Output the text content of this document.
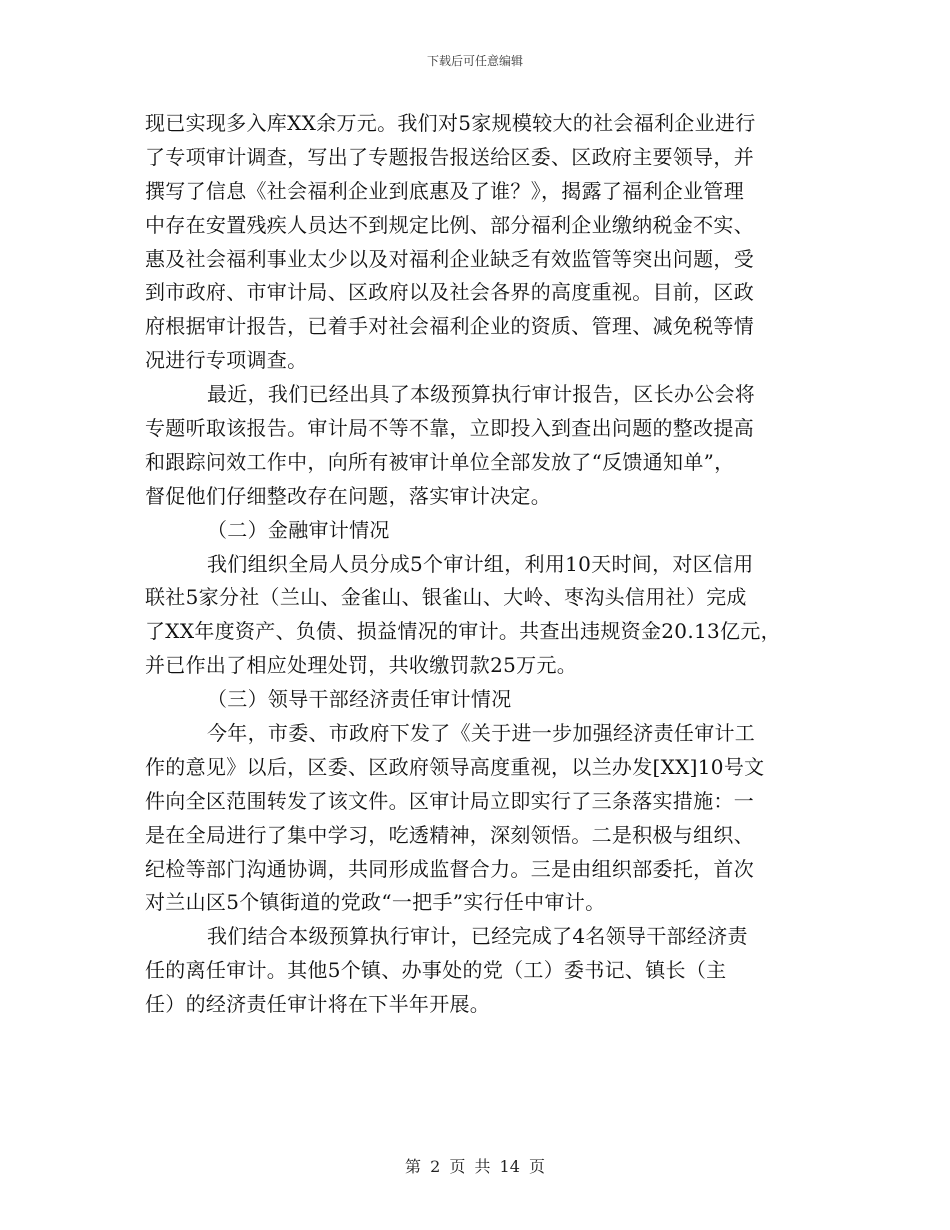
下载后可任意编辑
现已实现多入库XX余万元。我们对5家规模较大的社会福利企业进行
了专项审计调查，写出了专题报告报送给区委、区政府主要领导，并
撰写了信息《社会福利企业到底惠及了谁？》，揭露了福利企业管理
中存在安置残疾人员达不到规定比例、部分福利企业缴纳税金不实、
惠及社会福利事业太少以及对福利企业缺乏有效监管等突出问题，受
到市政府、市审计局、区政府以及社会各界的高度重视。目前，区政
府根据审计报告，已着手对社会福利企业的资质、管理、减免税等情
况进行专项调查。
最近，我们已经出具了本级预算执行审计报告，区长办公会将
专题听取该报告。审计局不等不靠，立即投入到查出问题的整改提高
和跟踪问效工作中，向所有被审计单位全部发放了“反馈通知单”，
督促他们仔细整改存在问题，落实审计决定。
（二）金融审计情况
我们组织全局人员分成5个审计组，利用10天时间，对区信用
联社5家分社（兰山、金雀山、银雀山、大岭、枣沟头信用社）完成
了XX年度资产、负债、损益情况的审计。共查出违规资金20.13亿元，
并已作出了相应处理处罚，共收缴罚款25万元。
（三）领导干部经济责任审计情况
今年，市委、市政府下发了《关于进一步加强经济责任审计工
作的意见》以后，区委、区政府领导高度重视，以兰办发[XX]10号文
件向全区范围转发了该文件。区审计局立即实行了三条落实措施：一
是在全局进行了集中学习，吃透精神，深刻领悟。二是积极与组织、
纪检等部门沟通协调，共同形成监督合力。三是由组织部委托，首次
对兰山区5个镇街道的党政“一把手”实行任中审计。
我们结合本级预算执行审计，已经完成了4名领导干部经济责
任的离任审计。其他5个镇、办事处的党（工）委书记、镇长（主
任）的经济责任审计将在下半年开展。
第 2 页 共 14 页
